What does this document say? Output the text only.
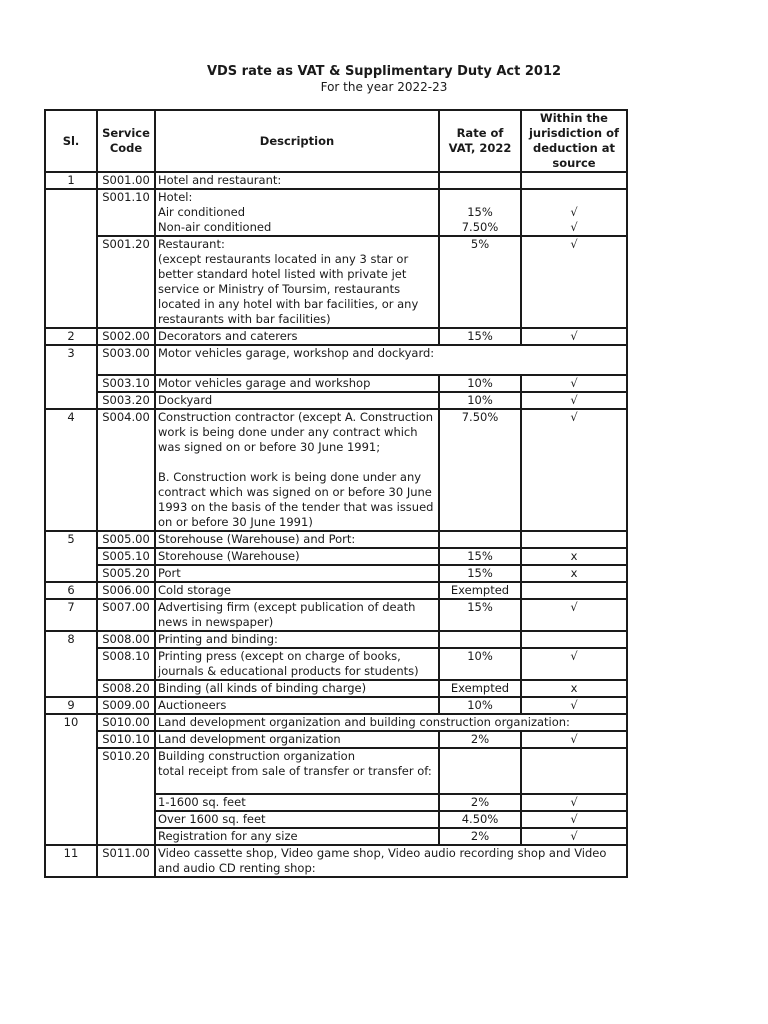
VDS rate as VAT & Supplimentary Duty Act 2012
For the year 2022-23
Sl.	Service Code	Description	Rate of VAT, 2022	Within the jurisdiction of deduction at source
1	S001.00	Hotel and restaurant:		
	S001.10	Hotel:		
		Air conditioned	15%	√
		Non-air conditioned	7.50%	√
	S001.20	Restaurant:
(except restaurants located in any 3 star or better standard hotel listed with private jet service or Ministry of Toursim, restaurants located in any hotel with bar facilities, or any restaurants with bar facilities)	5%	√
2	S002.00	Decorators and caterers	15%	√
3	S003.00	Motor vehicles garage, workshop and dockyard:		
	S003.10	Motor vehicles garage and workshop	10%	√
	S003.20	Dockyard	10%	√
4	S004.00	Construction contractor (except A. Construction work is being done under any contract which was signed on or before 30 June 1991;

B. Construction work is being done under any contract which was signed on or before 30 June 1993 on the basis of the tender that was issued on or before 30 June 1991)	7.50%	√
5	S005.00	Storehouse (Warehouse) and Port:		
	S005.10	Storehouse (Warehouse)	15%	x
	S005.20	Port	15%	x
6	S006.00	Cold storage	Exempted	
7	S007.00	Advertising firm (except publication of death news in newspaper)	15%	√
8	S008.00	Printing and binding:		
	S008.10	Printing press (except on charge of books, journals & educational products for students)	10%	√
	S008.20	Binding (all kinds of binding charge)	Exempted	x
9	S009.00	Auctioneers	10%	√
10	S010.00	Land development organization and building construction organization:		
	S010.10	Land development organization	2%	√
	S010.20	Building construction organization
total receipt from sale of transfer or transfer of:		
		1-1600 sq. feet	2%	√
		Over 1600 sq. feet	4.50%	√
		Registration for any size	2%	√
11	S011.00	Video cassette shop, Video game shop, Video audio recording shop and Video and audio CD renting shop:		
